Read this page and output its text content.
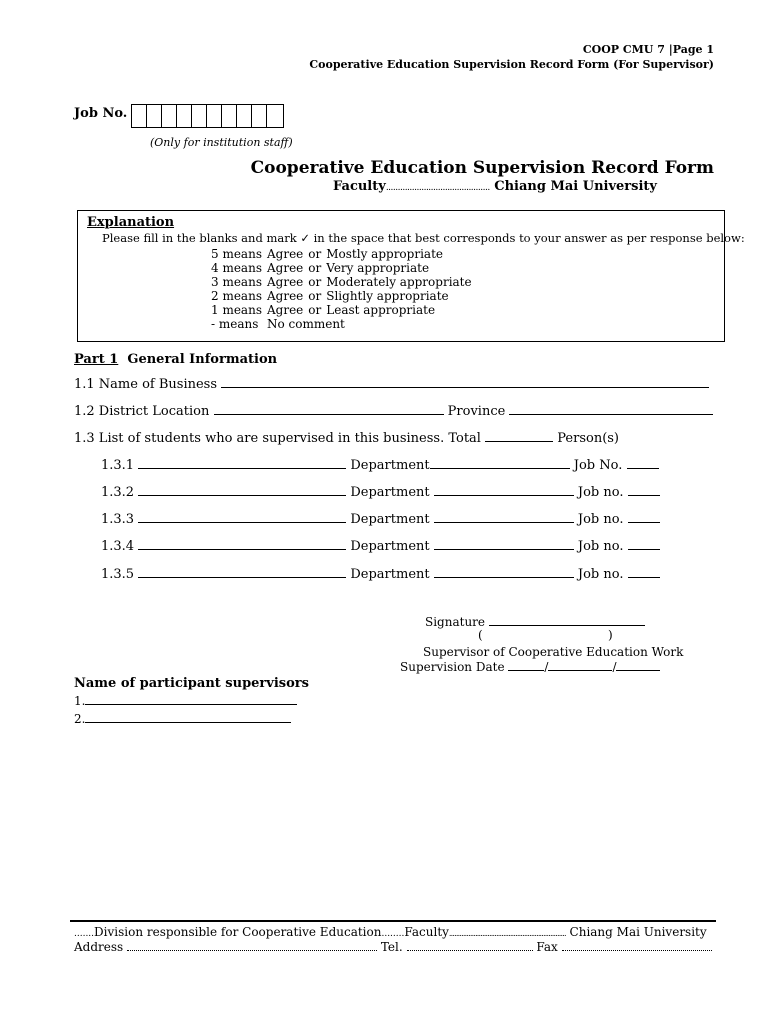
COOP CMU 7 |Page 1
Cooperative Education Supervision Record Form (For Supervisor)
Job No.
(Only for institution staff)
Cooperative Education Supervision Record Form
Faculty............................................ Chiang Mai University
Explanation
Please fill in the blanks and mark ✓ in the space that best corresponds to your answer as per response below:
5 means	Agree	or	Mostly appropriate
4 means	Agree	or	Very appropriate
3 means	Agree	or	Moderately appropriate
2 means	Agree	or	Slightly appropriate
1 means	Agree	or	Least appropriate
- means	No comment		
Part 1 General Information
1.1 Name of Business
1.2 District Location	Province
1.3 List of students who are supervised in this business. Total	Person(s)
1.3.1	Department	Job No.
1.3.2	Department	Job no.
1.3.3	Department	Job no.
1.3.4	Department	Job no.
1.3.5	Department	Job no.
Signature
(	)
Supervisor of Cooperative Education Work
Supervision Date	/	/
Name of participant supervisors
1.
2.
.......Division responsible for Cooperative Education........Faculty................................................................... Chiang Mai University
Address	Tel.	Fax
